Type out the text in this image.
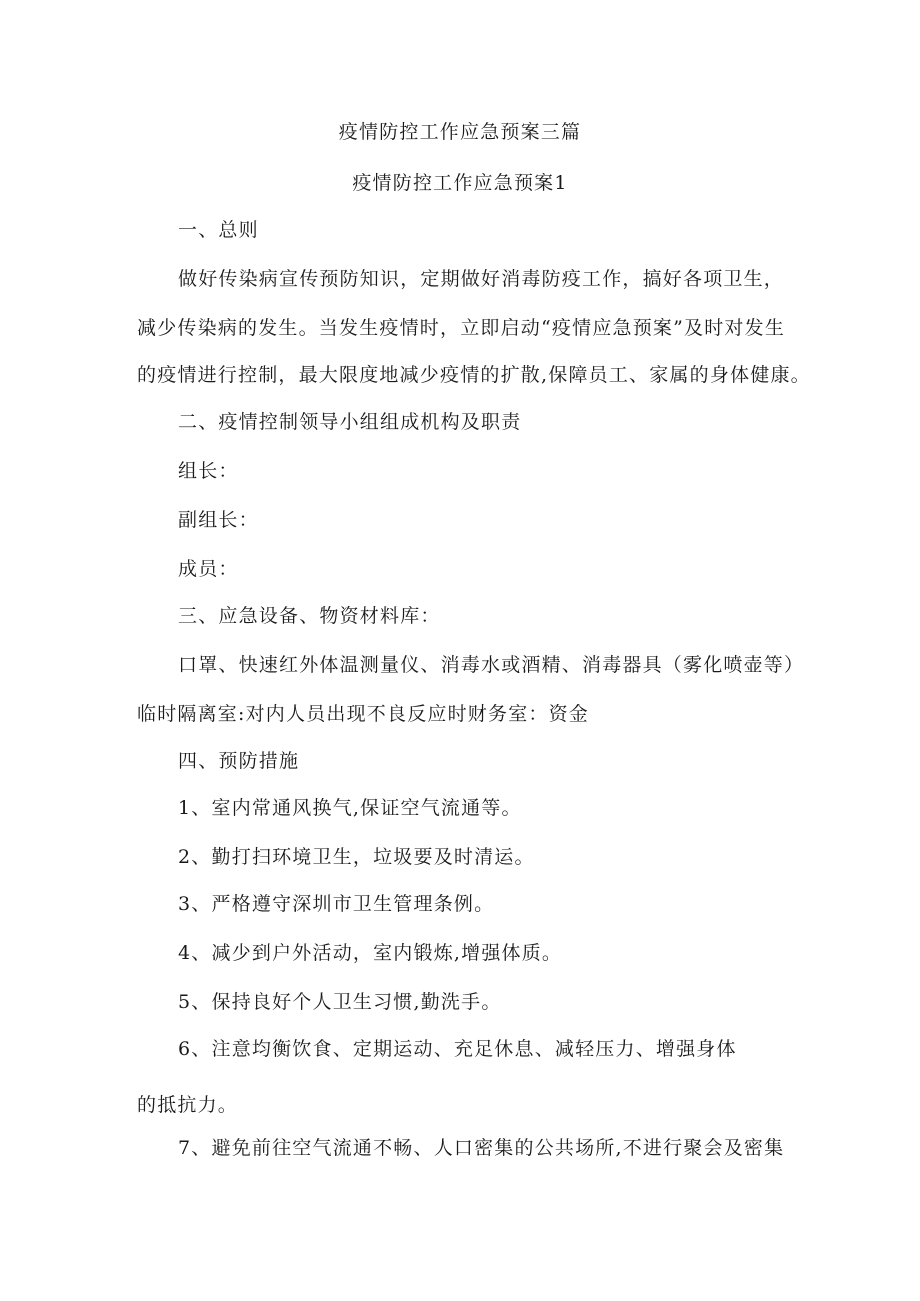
疫情防控工作应急预案三篇
疫情防控工作应急预案1
一、总则
做好传染病宣传预防知识，定期做好消毒防疫工作，搞好各项卫生，
减少传染病的发生。当发生疫情时，立即启动“疫情应急预案”及时对发生
的疫情进行控制，最大限度地减少疫情的扩散,保障员工、家属的身体健康。
二、疫情控制领导小组组成机构及职责
组长：
副组长：
成员：
三、应急设备、物资材料库：
口罩、快速红外体温测量仪、消毒水或酒精、消毒器具（雾化喷壶等）
临时隔离室:对内人员出现不良反应时财务室：资金
四、预防措施
1、室内常通风换气,保证空气流通等。
2、勤打扫环境卫生，垃圾要及时清运。
3、严格遵守深圳市卫生管理条例。
4、减少到户外活动，室内锻炼,增强体质。
5、保持良好个人卫生习惯,勤洗手。
6、注意均衡饮食、定期运动、充足休息、减轻压力、增强身体
的抵抗力。
7、避免前往空气流通不畅、人口密集的公共场所,不进行聚会及密集
